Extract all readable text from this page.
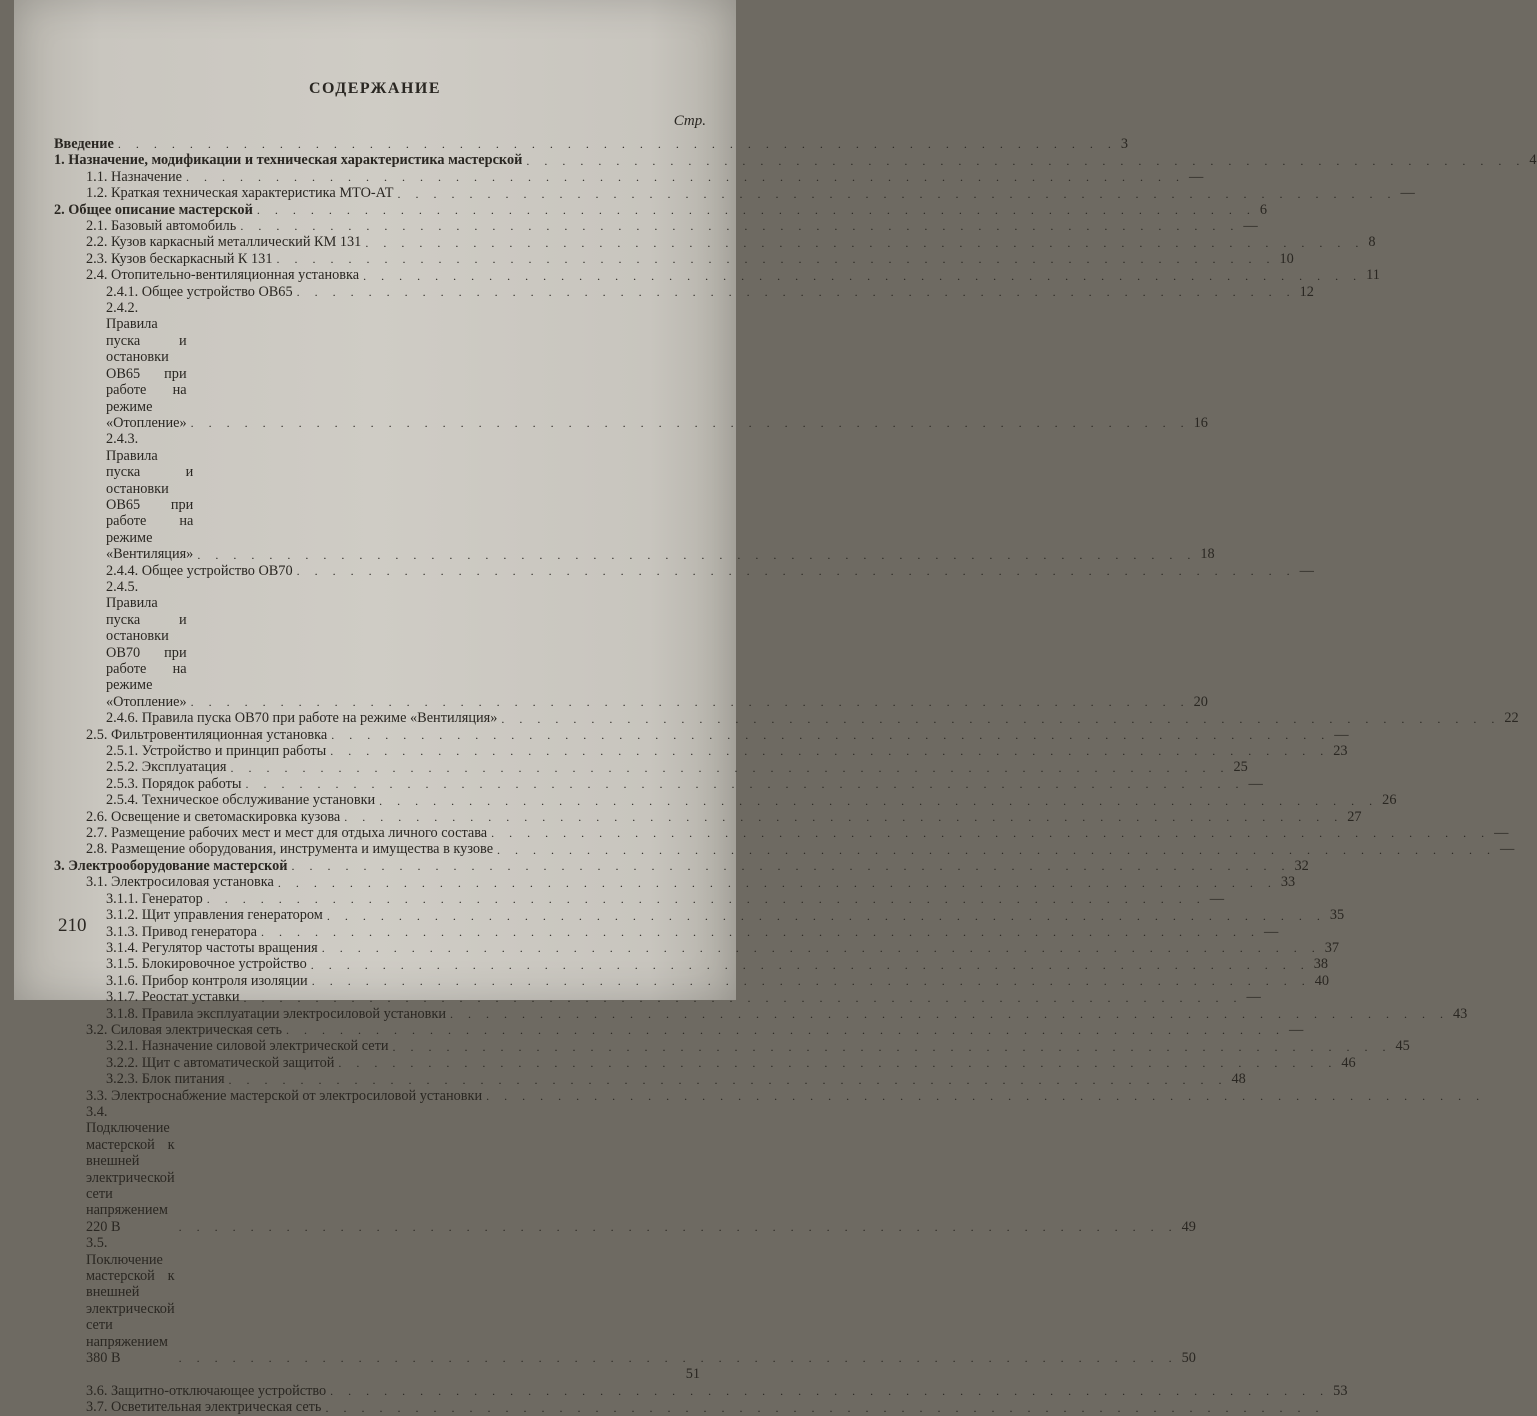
СОДЕРЖАНИЕ
Стр.
Введение . . . . . . . . . . . . . . . . . . . . . . . . . . . . . . . . . . . . . . . . . . . . . . . . . . . . . . . . 3
1. Назначение, модификации и техническая характеристика мастерской . . . . . . . . . . . . . . . . . . . . . . . . . . . . . . . . . . . . . . . . . . . . . . . . . . . . . . . . 4
1.1. Назначение . . . . . . . . . . . . . . . . . . . . . . . . . . . . . . . . . . . . . . . . . . . . . . . . . . . . . . . . —
1.2. Краткая техническая характеристика МТО-АТ . . . . . . . . . . . . . . . . . . . . . . . . . . . . . . . . . . . . . . . . . . . . . . . . . . . . . . . . —
2. Общее описание мастерской . . . . . . . . . . . . . . . . . . . . . . . . . . . . . . . . . . . . . . . . . . . . . . . . . . . . . . . . 6
2.1. Базовый автомобиль . . . . . . . . . . . . . . . . . . . . . . . . . . . . . . . . . . . . . . . . . . . . . . . . . . . . . . . . —
2.2. Кузов каркасный металлический КМ 131 . . . . . . . . . . . . . . . . . . . . . . . . . . . . . . . . . . . . . . . . . . . . . . . . . . . . . . . . 8
2.3. Кузов бескаркасный К 131 . . . . . . . . . . . . . . . . . . . . . . . . . . . . . . . . . . . . . . . . . . . . . . . . . . . . . . . . 10
2.4. Отопительно-вентиляционная установка . . . . . . . . . . . . . . . . . . . . . . . . . . . . . . . . . . . . . . . . . . . . . . . . . . . . . . . . 11
2.4.1. Общее устройство ОВ65 . . . . . . . . . . . . . . . . . . . . . . . . . . . . . . . . . . . . . . . . . . . . . . . . . . . . . . . . 12
2.4.2. Правила пуска и остановки ОВ65 при работе на режиме «Отопление» . . . . . . . . . . . . . . . . . . . . . . . . . . . . . . . . . . . . . . . . . . . . . . . . . . . . . . . . 16
2.4.3. Правила пуска и остановки ОВ65 при работе на режиме «Вентиляция» . . . . . . . . . . . . . . . . . . . . . . . . . . . . . . . . . . . . . . . . . . . . . . . . . . . . . . . . 18
2.4.4. Общее устройство ОВ70 . . . . . . . . . . . . . . . . . . . . . . . . . . . . . . . . . . . . . . . . . . . . . . . . . . . . . . . . —
2.4.5. Правила пуска и остановки ОВ70 при работе на режиме «Отопление» . . . . . . . . . . . . . . . . . . . . . . . . . . . . . . . . . . . . . . . . . . . . . . . . . . . . . . . . 20
2.4.6. Правила пуска ОВ70 при работе на режиме «Вентиляция» . . . . . . . . . . . . . . . . . . . . . . . . . . . . . . . . . . . . . . . . . . . . . . . . . . . . . . . . 22
2.5. Фильтровентиляционная установка . . . . . . . . . . . . . . . . . . . . . . . . . . . . . . . . . . . . . . . . . . . . . . . . . . . . . . . . —
2.5.1. Устройство и принцип работы . . . . . . . . . . . . . . . . . . . . . . . . . . . . . . . . . . . . . . . . . . . . . . . . . . . . . . . . 23
2.5.2. Эксплуатация . . . . . . . . . . . . . . . . . . . . . . . . . . . . . . . . . . . . . . . . . . . . . . . . . . . . . . . . 25
2.5.3. Порядок работы . . . . . . . . . . . . . . . . . . . . . . . . . . . . . . . . . . . . . . . . . . . . . . . . . . . . . . . . —
2.5.4. Техническое обслуживание установки . . . . . . . . . . . . . . . . . . . . . . . . . . . . . . . . . . . . . . . . . . . . . . . . . . . . . . . . 26
2.6. Освещение и светомаскировка кузова . . . . . . . . . . . . . . . . . . . . . . . . . . . . . . . . . . . . . . . . . . . . . . . . . . . . . . . . 27
2.7. Размещение рабочих мест и мест для отдыха личного состава . . . . . . . . . . . . . . . . . . . . . . . . . . . . . . . . . . . . . . . . . . . . . . . . . . . . . . . . —
2.8. Размещение оборудования, инструмента и имущества в кузове . . . . . . . . . . . . . . . . . . . . . . . . . . . . . . . . . . . . . . . . . . . . . . . . . . . . . . . . —
3. Электрооборудование мастерской . . . . . . . . . . . . . . . . . . . . . . . . . . . . . . . . . . . . . . . . . . . . . . . . . . . . . . . . 32
3.1. Электросиловая установка . . . . . . . . . . . . . . . . . . . . . . . . . . . . . . . . . . . . . . . . . . . . . . . . . . . . . . . . 33
3.1.1. Генератор . . . . . . . . . . . . . . . . . . . . . . . . . . . . . . . . . . . . . . . . . . . . . . . . . . . . . . . . —
3.1.2. Щит управления генератором . . . . . . . . . . . . . . . . . . . . . . . . . . . . . . . . . . . . . . . . . . . . . . . . . . . . . . . . 35
3.1.3. Привод генератора . . . . . . . . . . . . . . . . . . . . . . . . . . . . . . . . . . . . . . . . . . . . . . . . . . . . . . . . —
3.1.4. Регулятор частоты вращения . . . . . . . . . . . . . . . . . . . . . . . . . . . . . . . . . . . . . . . . . . . . . . . . . . . . . . . . 37
3.1.5. Блокировочное устройство . . . . . . . . . . . . . . . . . . . . . . . . . . . . . . . . . . . . . . . . . . . . . . . . . . . . . . . . 38
3.1.6. Прибор контроля изоляции . . . . . . . . . . . . . . . . . . . . . . . . . . . . . . . . . . . . . . . . . . . . . . . . . . . . . . . . 40
3.1.7. Реостат уставки . . . . . . . . . . . . . . . . . . . . . . . . . . . . . . . . . . . . . . . . . . . . . . . . . . . . . . . . —
3.1.8. Правила эксплуатации электросиловой установки . . . . . . . . . . . . . . . . . . . . . . . . . . . . . . . . . . . . . . . . . . . . . . . . . . . . . . . . 43
3.2. Силовая электрическая сеть . . . . . . . . . . . . . . . . . . . . . . . . . . . . . . . . . . . . . . . . . . . . . . . . . . . . . . . . —
3.2.1. Назначение силовой электрической сети . . . . . . . . . . . . . . . . . . . . . . . . . . . . . . . . . . . . . . . . . . . . . . . . . . . . . . . . 45
3.2.2. Щит с автоматической защитой . . . . . . . . . . . . . . . . . . . . . . . . . . . . . . . . . . . . . . . . . . . . . . . . . . . . . . . . 46
3.2.3. Блок питания . . . . . . . . . . . . . . . . . . . . . . . . . . . . . . . . . . . . . . . . . . . . . . . . . . . . . . . . 48
3.3. Электроснабжение мастерской от электросиловой установки . . . . . . . . . . . . . . . . . . . . . . . . . . . . . . . . . . . . . . . . . . . . . . . . . . . . . . . .
3.4. Подключение мастерской к внешней электрической сети напряжением 220 В	. . . . . . . . . . . . . . . . . . . . . . . . . . . . . . . . . . . . . . . . . . . . . . . . . . . . . . . . 49
3.5. Поключение мастерской к внешней электрической сети напряжением 380 В	. . . . . . . . . . . . . . . . . . . . . . . . . . . . . . . . . . . . . . . . . . . . . . . . . . . . . . . . 50
51
3.6. Защитно-отключающее устройство . . . . . . . . . . . . . . . . . . . . . . . . . . . . . . . . . . . . . . . . . . . . . . . . . . . . . . . . 53
3.7. Осветительная электрическая сеть . . . . . . . . . . . . . . . . . . . . . . . . . . . . . . . . . . . . . . . . . . . . . . . . . . . . . . . .
210
